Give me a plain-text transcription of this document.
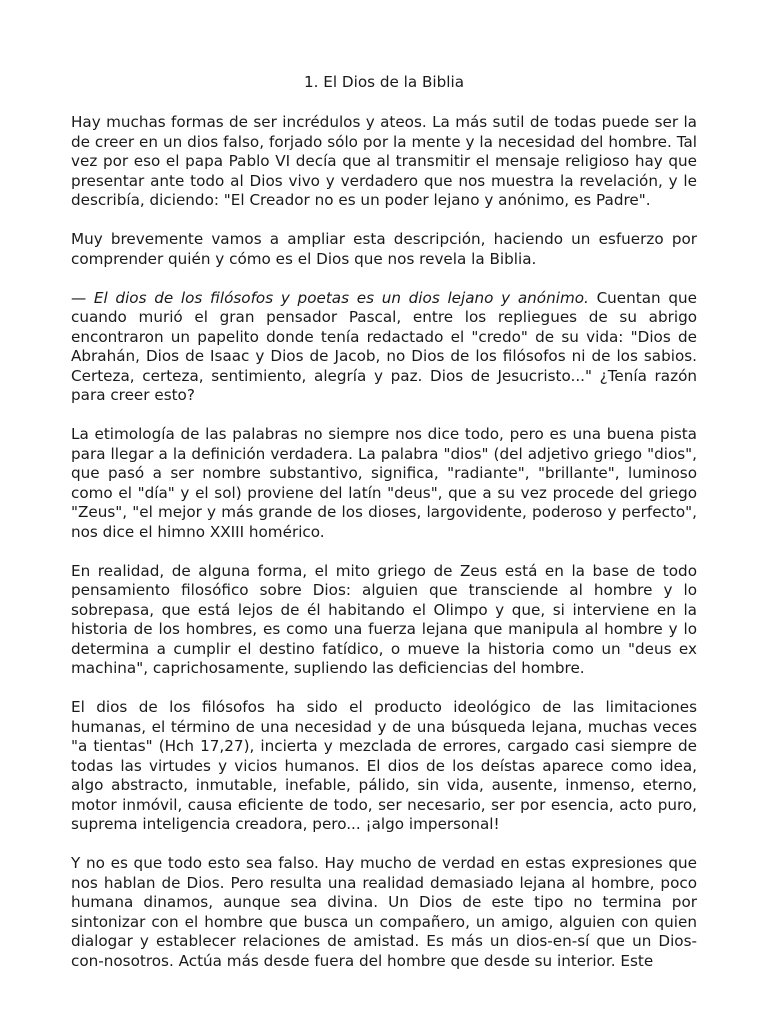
1. El Dios de la Biblia

Hay muchas formas de ser incrédulos y ateos. La más sutil de todas puede ser la de creer en un dios falso, forjado sólo por la mente y la necesidad del hombre. Tal vez por eso el papa Pablo VI decía que al transmitir el mensaje religioso hay que presentar ante todo al Dios vivo y verdadero que nos muestra la revelación, y le describía, diciendo: "El Creador no es un poder lejano y anónimo, es Padre".

Muy brevemente vamos a ampliar esta descripción, haciendo un esfuerzo por comprender quién y cómo es el Dios que nos revela la Biblia.

— El dios de los filósofos y poetas es un dios lejano y anónimo. Cuentan que cuando murió el gran pensador Pascal, entre los repliegues de su abrigo encontraron un papelito donde tenía redactado el "credo" de su vida: "Dios de Abrahán, Dios de Isaac y Dios de Jacob, no Dios de los filósofos ni de los sabios. Certeza, certeza, sentimiento, alegría y paz. Dios de Jesucristo..." ¿Tenía razón para creer esto?

La etimología de las palabras no siempre nos dice todo, pero es una buena pista para llegar a la definición verdadera. La palabra "dios" (del adjetivo griego "dios", que pasó a ser nombre substantivo, significa, "radiante", "brillante", luminoso como el "día" y el sol) proviene del latín "deus", que a su vez procede del griego "Zeus", "el mejor y más grande de los dioses, largovidente, poderoso y perfecto", nos dice el himno XXIII homérico.

En realidad, de alguna forma, el mito griego de Zeus está en la base de todo pensamiento filosófico sobre Dios: alguien que transciende al hombre y lo sobrepasa, que está lejos de él habitando el Olimpo y que, si interviene en la historia de los hombres, es como una fuerza lejana que manipula al hombre y lo determina a cumplir el destino fatídico, o mueve la historia como un "deus ex machina", caprichosamente, supliendo las deficiencias del hombre.

El dios de los filósofos ha sido el producto ideológico de las limitaciones humanas, el término de una necesidad y de una búsqueda lejana, muchas veces "a tientas" (Hch 17,27), incierta y mezclada de errores, cargado casi siempre de todas las virtudes y vicios humanos. El dios de los deístas aparece como idea, algo abstracto, inmutable, inefable, pálido, sin vida, ausente, inmenso, eterno, motor inmóvil, causa eficiente de todo, ser necesario, ser por esencia, acto puro, suprema inteligencia creadora, pero... ¡algo impersonal!

Y no es que todo esto sea falso. Hay mucho de verdad en estas expresiones que nos hablan de Dios. Pero resulta una realidad demasiado lejana al hombre, poco humana dinamos, aunque sea divina. Un Dios de este tipo no termina por sintonizar con el hombre que busca un compañero, un amigo, alguien con quien dialogar y establecer relaciones de amistad. Es más un dios-en-sí que un Dios-con-nosotros. Actúa más desde fuera del hombre que desde su interior. Este
